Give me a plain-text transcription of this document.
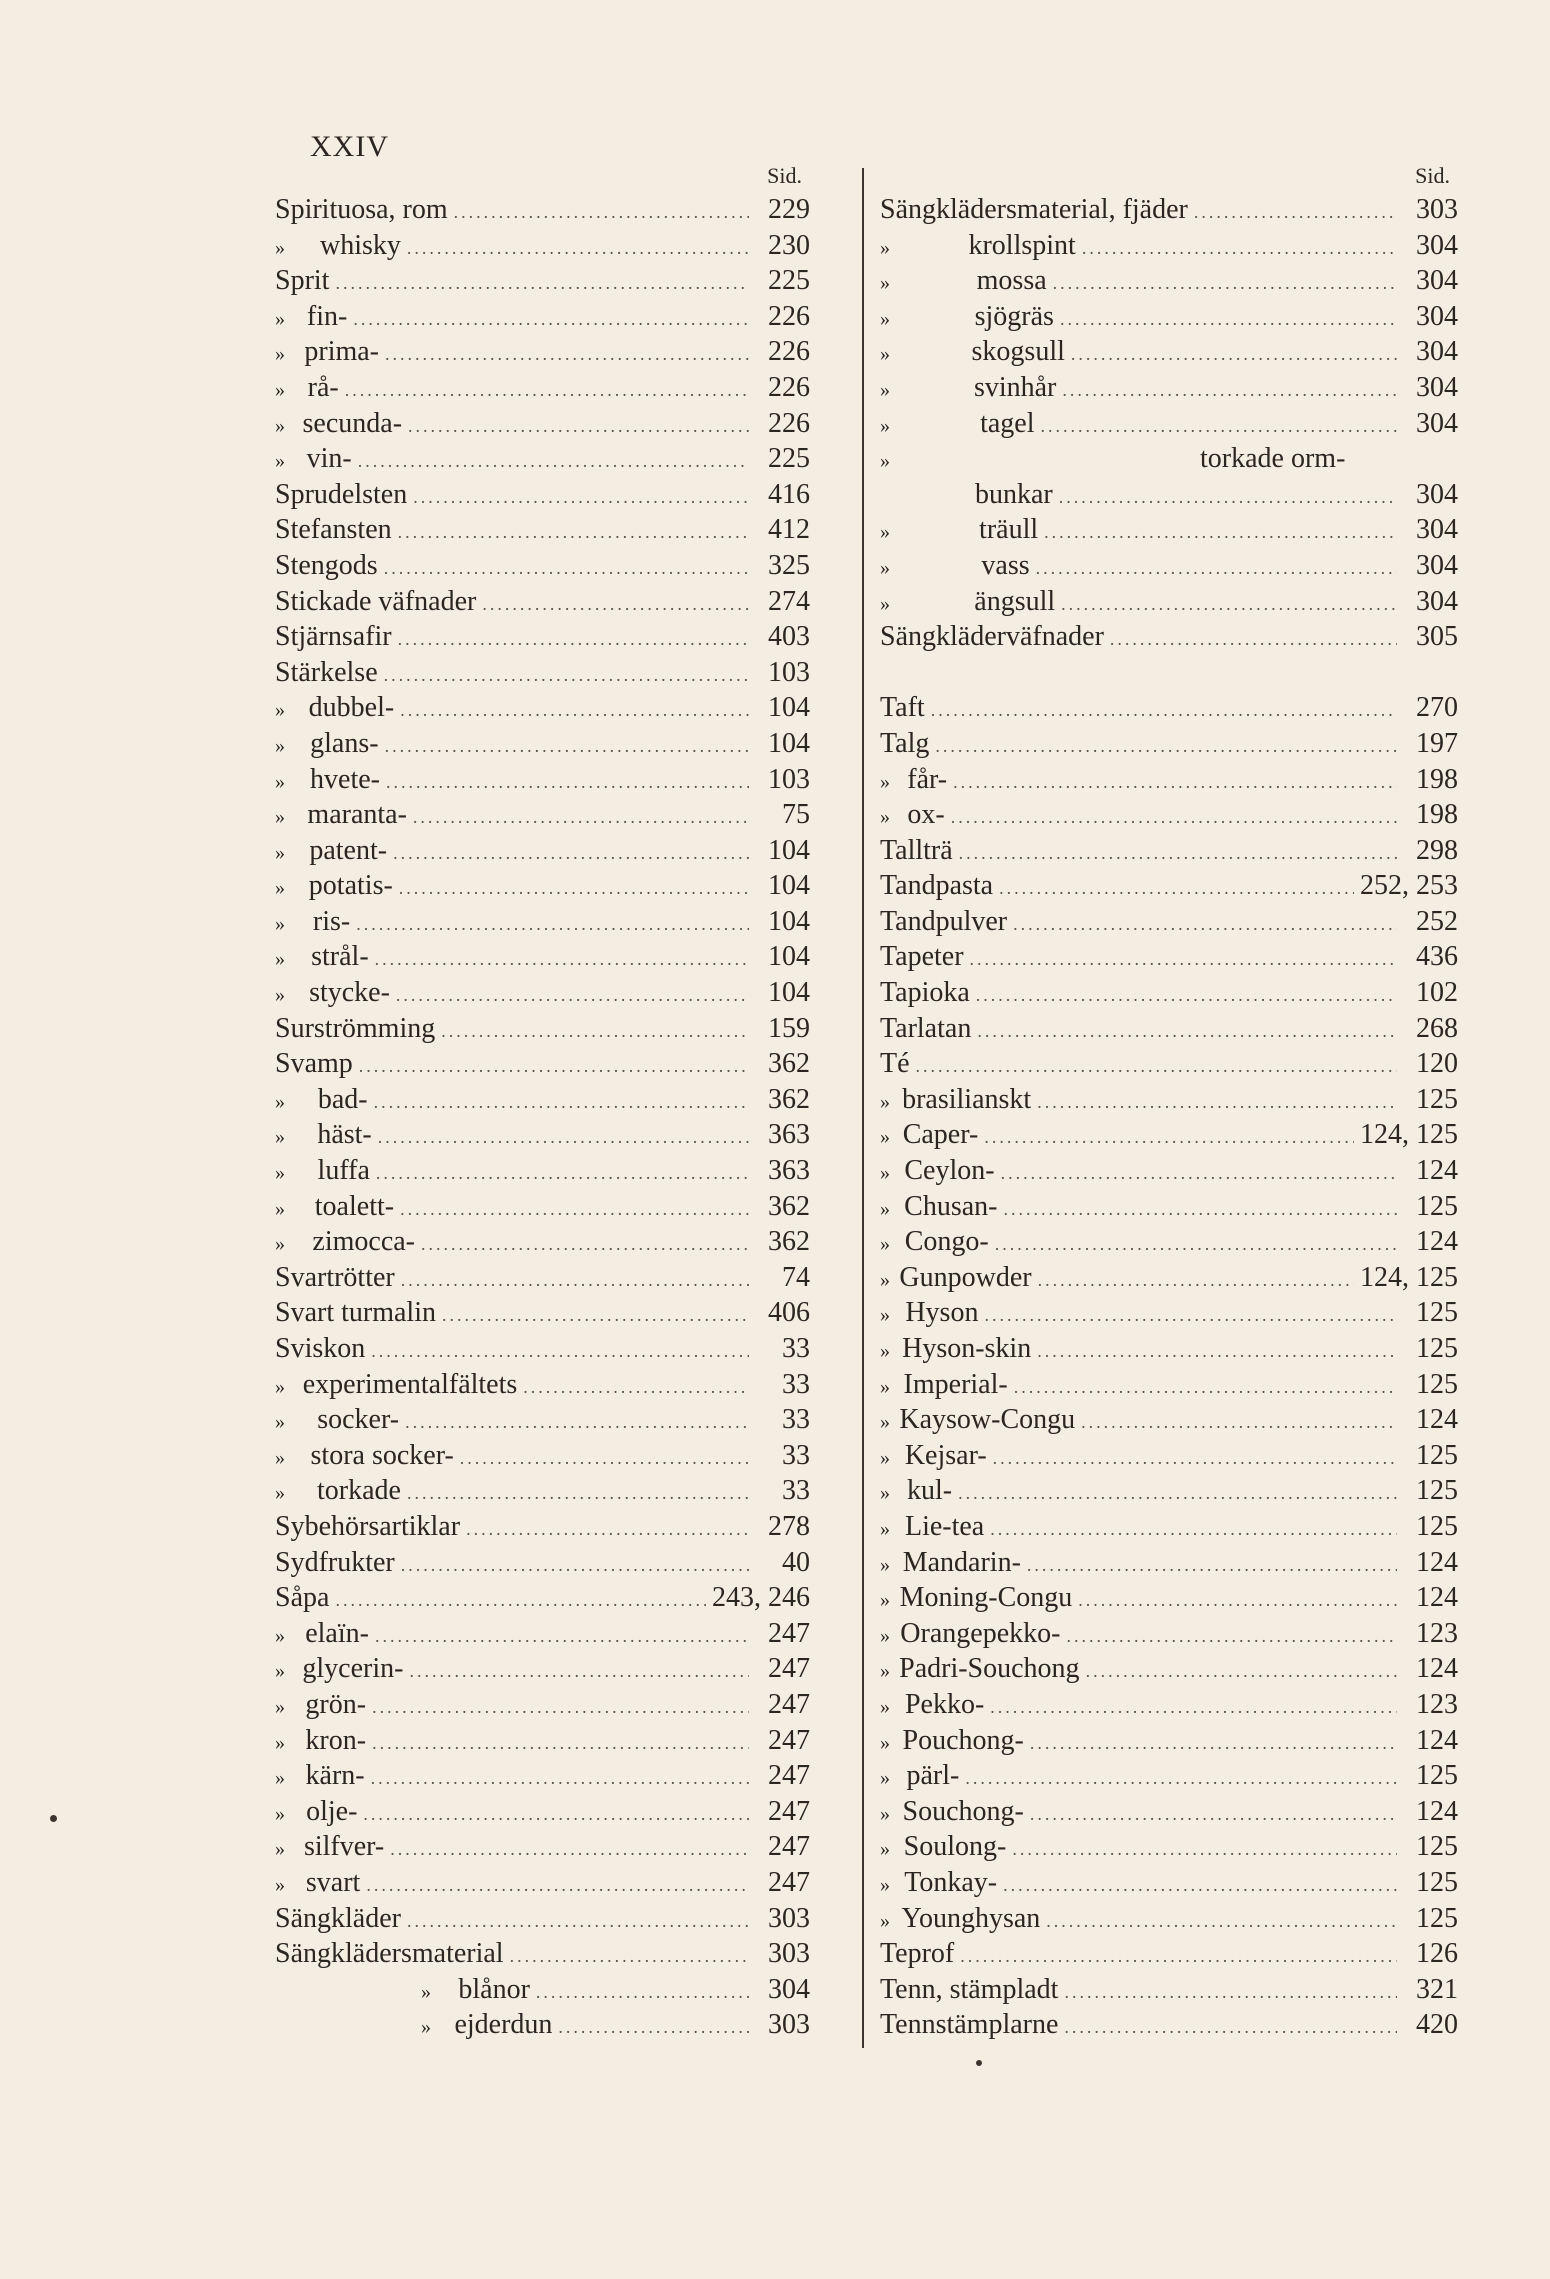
XXIV
Sid.
Spirituosa, rom .....	229
»	whisky .....	230
Sprit .....	225
» fin- .....	226
» prima- .....	226
» rå- .....	226
» secunda- .....	226
» vin- .....	225
Sprudelsten .....	416
Stefansten .....	412
Stengods .....	325
Stickade väfnader .....	274
Stjärnsafir .....	403
Stärkelse .....	103
» dubbel- .....	104
» glans- .....	104
» hvete- .....	103
» maranta- .....	75
» patent- .....	104
» potatis- .....	104
» ris- .....	104
» strål- .....	104
» stycke- .....	104
Surströmming .....	159
Svamp .....	362
»	bad- .....	362
»	häst- .....	363
»	luffa .....	363
»	toalett- .....	362
» zimocca- .....	362
Svartrötter .....	74
Svart turmalin .....	406
Sviskon .....	33
» experimentalfältets .....	33
»	socker- .....	33
» stora socker- .....	33
»	torkade .....	33
Sybehörsartiklar .....	278
Sydfrukter .....	40
Såpa .....	243, 246
» elaïn- .....	247
» glycerin- .....	247
» grön- .....	247
» kron- .....	247
» kärn- .....	247
» olje- .....	247
» silfver- .....	247
» svart .....	247
Sängkläder .....	303
Sängklädersmaterial .....	303
» blånor .....	304
» ejderdun .....	303
Sid.
Sängklädersmaterial, fjäder .....	303
»	krollspint .....	304
»	mossa .....	304
»	sjögräs .....	304
»	skogsull .....	304
»	svinhår .....	304
»	tagel .....	304
»	torkade orm-
bunkar .....	304
»	träull .....	304
»	vass .....	304
»	ängsull .....	304
Sängkläderväfnader .....	305
Taft .....	270
Talg .....	197
» får- .....	198
» ox- .....	198
Tallträ .....	298
Tandpasta .....	252, 253
Tandpulver .....	252
Tapeter .....	436
Tapioka .....	102
Tarlatan .....	268
Té .....	120
» brasilianskt .....	125
» Caper- .....	124, 125
» Ceylon- .....	124
» Chusan- .....	125
» Congo- .....	124
» Gunpowder .....	124, 125
» Hyson .....	125
» Hyson-skin .....	125
» Imperial- .....	125
» Kaysow-Congu .....	124
» Kejsar- .....	125
» kul- .....	125
» Lie-tea .....	125
» Mandarin- .....	124
» Moning-Congu .....	124
» Orangepekko- .....	123
» Padri-Souchong .....	124
» Pekko- .....	123
» Pouchong- .....	124
» pärl- .....	125
» Souchong- .....	124
» Soulong- .....	125
» Tonkay- .....	125
» Younghysan .....	125
Teprof .....	126
Tenn, stämpladt .....	321
Tennstämplarne .....	420
